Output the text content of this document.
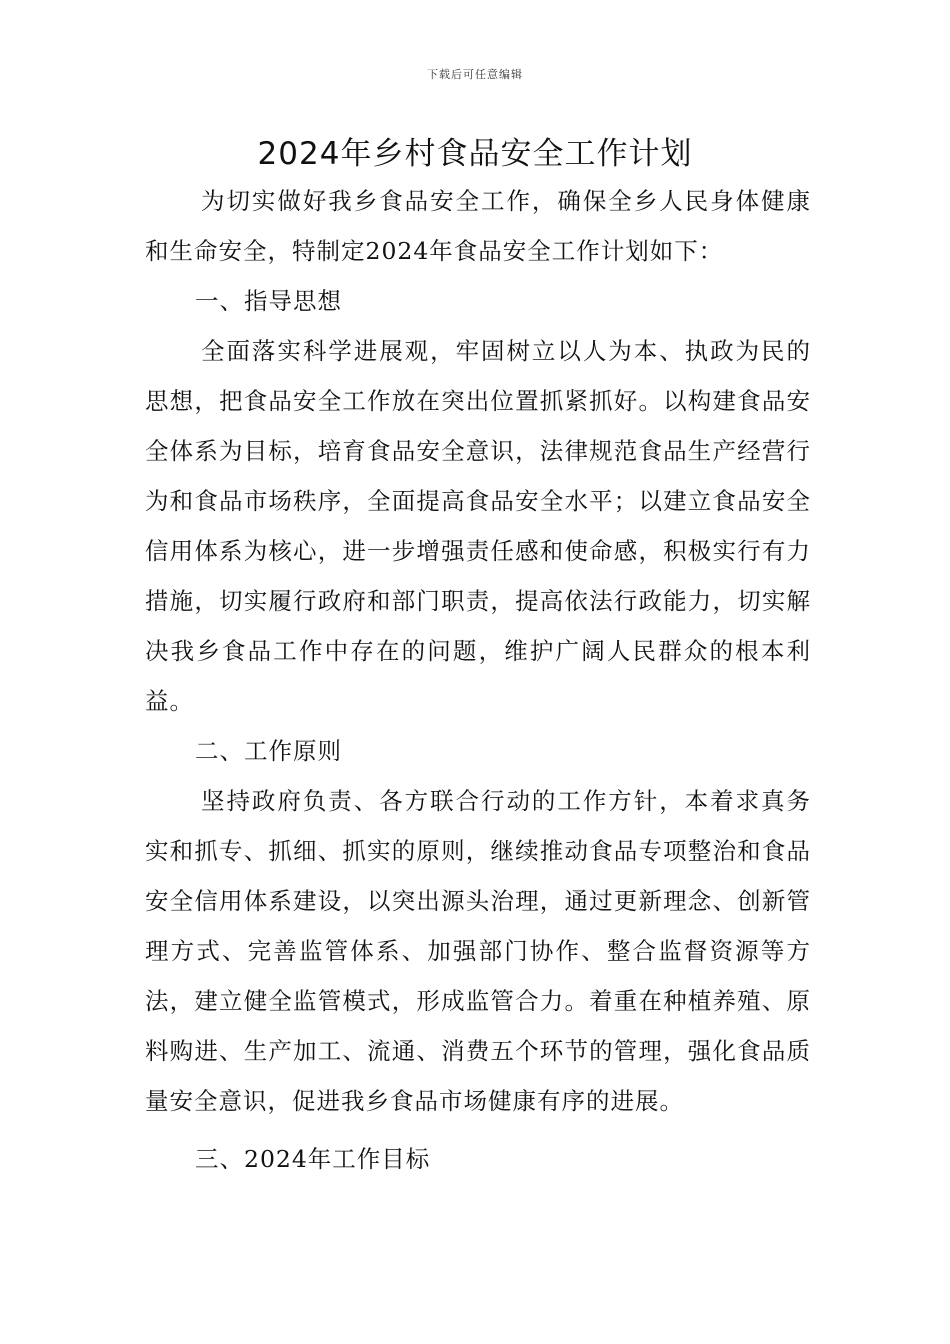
下载后可任意编辑
2024年乡村食品安全工作计划

为切实做好我乡食品安全工作，确保全乡人民身体健康和生命安全，特制定2024年食品安全工作计划如下：

一、指导思想

全面落实科学进展观，牢固树立以人为本、执政为民的思想，把食品安全工作放在突出位置抓紧抓好。以构建食品安全体系为目标，培育食品安全意识，法律规范食品生产经营行为和食品市场秩序，全面提高食品安全水平；以建立食品安全信用体系为核心，进一步增强责任感和使命感，积极实行有力措施，切实履行政府和部门职责，提高依法行政能力，切实解决我乡食品工作中存在的问题，维护广阔人民群众的根本利益。

二、工作原则

坚持政府负责、各方联合行动的工作方针，本着求真务实和抓专、抓细、抓实的原则，继续推动食品专项整治和食品安全信用体系建设，以突出源头治理，通过更新理念、创新管理方式、完善监管体系、加强部门协作、整合监督资源等方法，建立健全监管模式，形成监管合力。着重在种植养殖、原料购进、生产加工、流通、消费五个环节的管理，强化食品质量安全意识，促进我乡食品市场健康有序的进展。

三、2024年工作目标
